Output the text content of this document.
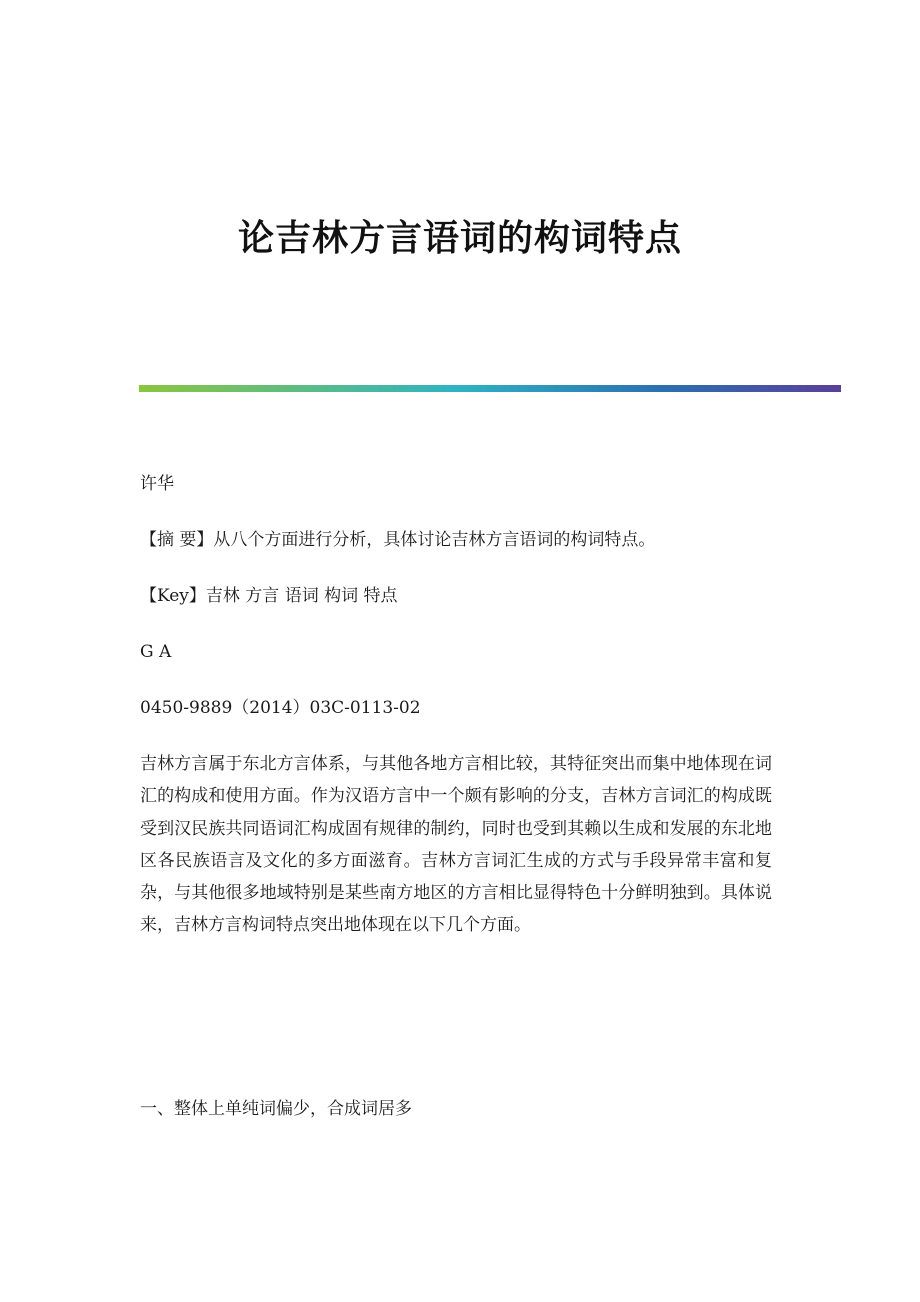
论吉林方言语词的构词特点
许华
【摘 要】从八个方面进行分析，具体讨论吉林方言语词的构词特点。
【Key】吉林 方言 语词 构词 特点
G A
0450-9889（2014）03C-0113-02
吉林方言属于东北方言体系，与其他各地方言相比较，其特征突出而集中地体现在词汇的构成和使用方面。作为汉语方言中一个颇有影响的分支，吉林方言词汇的构成既受到汉民族共同语词汇构成固有规律的制约，同时也受到其赖以生成和发展的东北地区各民族语言及文化的多方面滋育。吉林方言词汇生成的方式与手段异常丰富和复杂，与其他很多地域特别是某些南方地区的方言相比显得特色十分鲜明独到。具体说来，吉林方言构词特点突出地体现在以下几个方面。
一、整体上单纯词偏少，合成词居多
